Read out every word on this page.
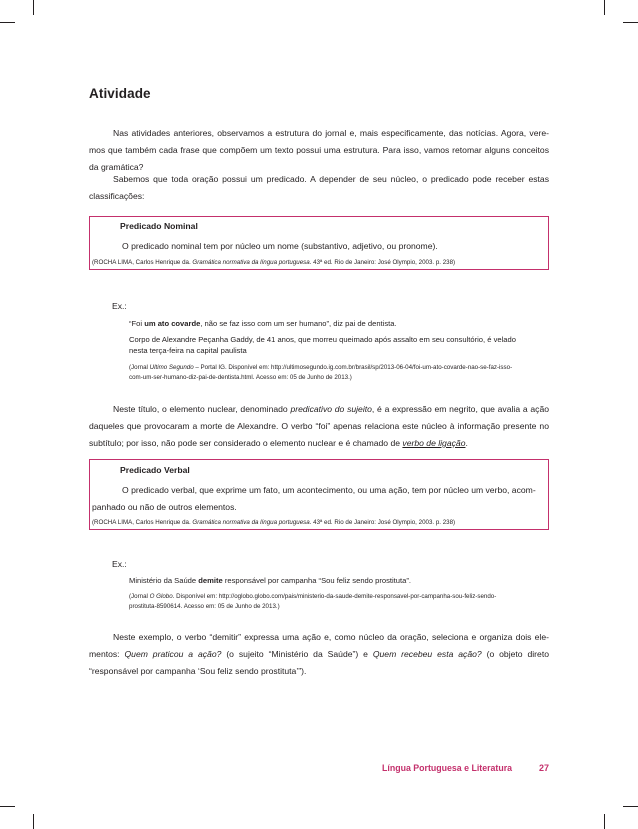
Atividade

Nas atividades anteriores, observamos a estrutura do jornal e, mais especificamente, das notícias. Agora, veremos que também cada frase que compõem um texto possui uma estrutura. Para isso, vamos retomar alguns conceitos da gramática?

Sabemos que toda oração possui um predicado. A depender de seu núcleo, o predicado pode receber estas classificações:

Predicado Nominal

O predicado nominal tem por núcleo um nome (substantivo, adjetivo, ou pronome).

(ROCHA LIMA, Carlos Henrique da. Gramática normativa da língua portuguesa. 43ª ed. Rio de Janeiro: José Olympio, 2003. p. 238)

Ex.:

“Foi um ato covarde, não se faz isso com um ser humano”, diz pai de dentista.

Corpo de Alexandre Peçanha Gaddy, de 41 anos, que morreu queimado após assalto em seu consultório, é velado nesta terça-feira na capital paulista

(Jornal Ultimo Segundo – Portal IG. Disponível em: http://ultimosegundo.ig.com.br/brasil/sp/2013-06-04/foi-um-ato-covarde-nao-se-faz-isso-com-um-ser-humano-diz-pai-de-dentista.html. Acesso em: 05 de Junho de 2013.)

Neste título, o elemento nuclear, denominado predicativo do sujeito, é a expressão em negrito, que avalia a ação daqueles que provocaram a morte de Alexandre. O verbo “foi” apenas relaciona este núcleo à informação presente no subtítulo; por isso, não pode ser considerado o elemento nuclear e é chamado de verbo de ligação.

Predicado Verbal

O predicado verbal, que exprime um fato, um acontecimento, ou uma ação, tem por núcleo um verbo, acompanhado ou não de outros elementos.

(ROCHA LIMA, Carlos Henrique da. Gramática normativa da língua portuguesa. 43ª ed. Rio de Janeiro: José Olympio, 2003. p. 238)

Ex.:

Ministério da Saúde demite responsável por campanha “Sou feliz sendo prostituta”.

(Jornal O Globo. Disponível em: http://oglobo.globo.com/pais/ministerio-da-saude-demite-responsavel-por-campanha-sou-feliz-sendo-prostituta-8590614. Acesso em: 05 de Junho de 2013.)

Neste exemplo, o verbo “demitir” expressa uma ação e, como núcleo da oração, seleciona e organiza dois elementos: Quem praticou a ação? (o sujeito “Ministério da Saúde”) e Quem recebeu esta ação? (o objeto direto “responsável por campanha ‘Sou feliz sendo prostituta’”).

Língua Portuguesa e Literatura	27
